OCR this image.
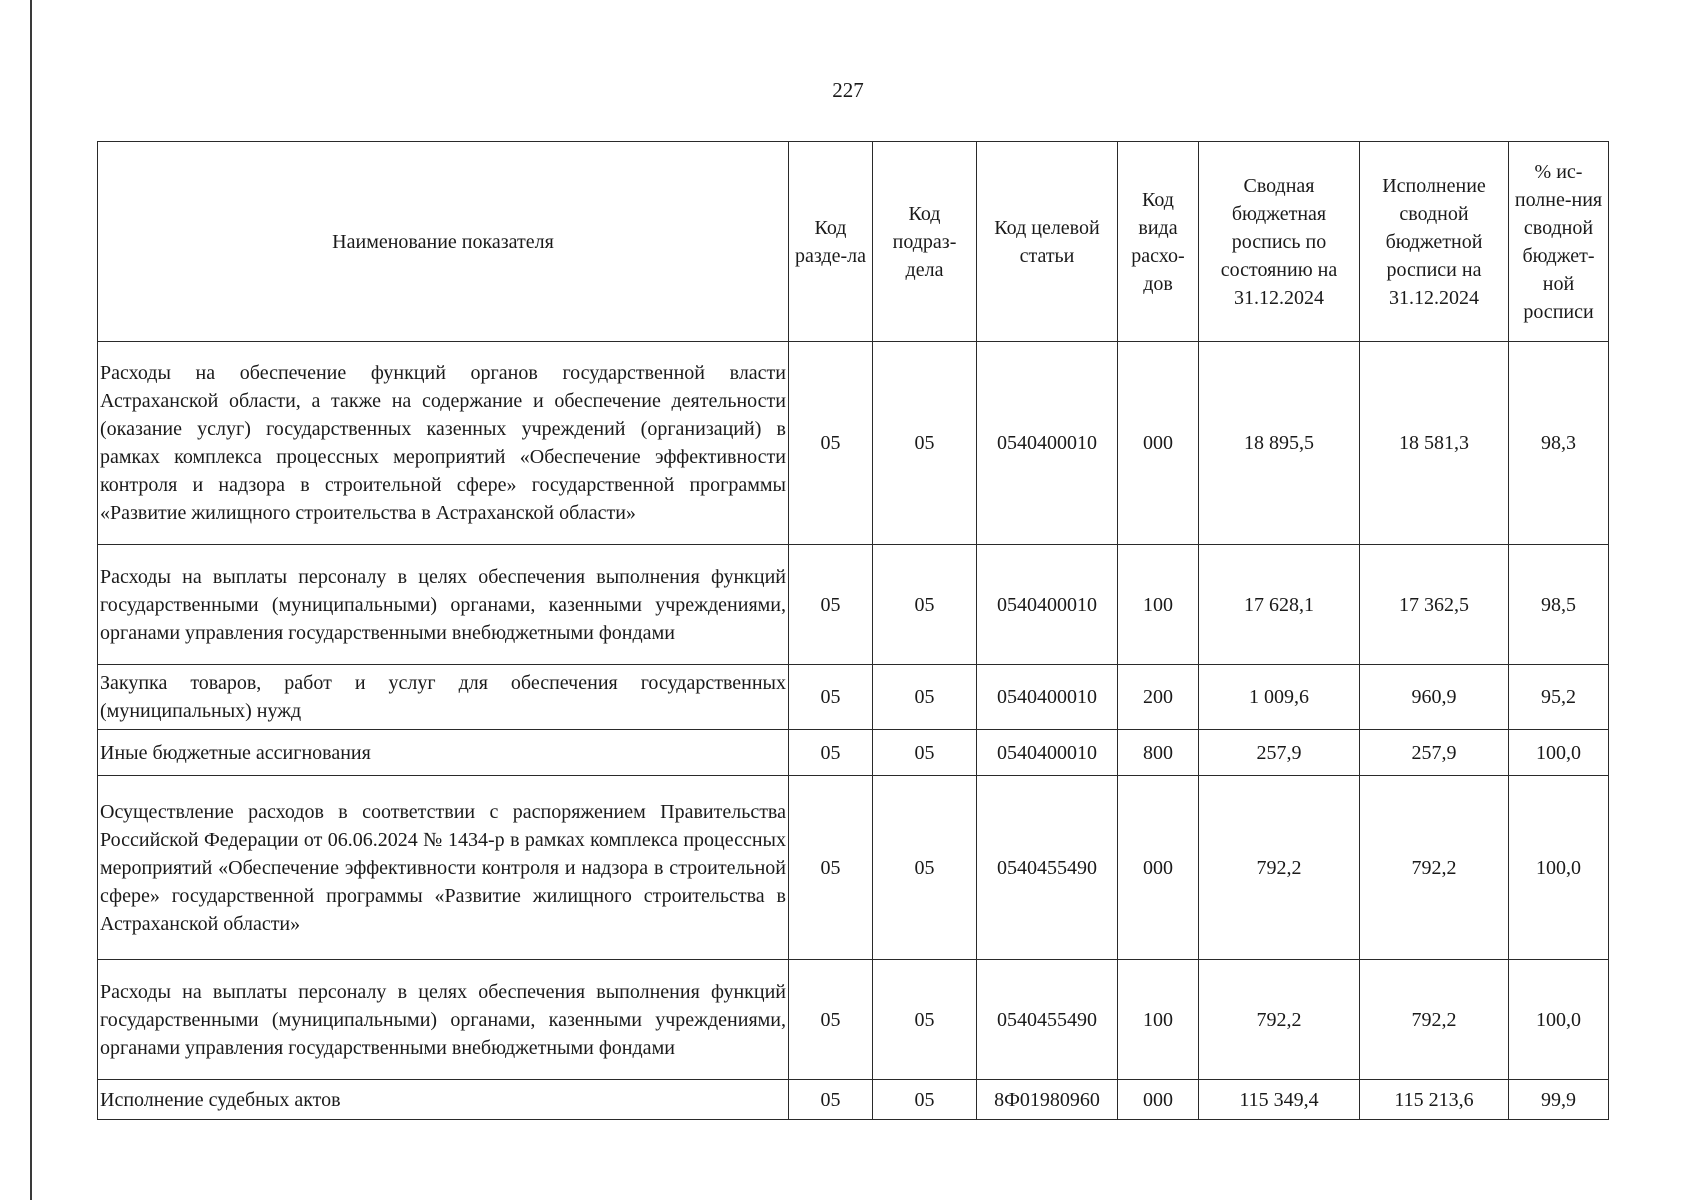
227
Наименование показателя	Код разде-ла	Код подраз-дела	Код целевой статьи	Код вида расхо-дов	Сводная бюджетная роспись по состоянию на 31.12.2024	Исполнение сводной бюджетной росписи на 31.12.2024	% ис-полне-ния сводной бюджет-ной росписи
Расходы на обеспечение функций органов государственной власти Астраханской области, а также на содержание и обеспечение деятельности (оказание услуг) государственных казенных учреждений (организаций) в рамках комплекса процессных мероприятий «Обеспечение эффективности контроля и надзора в строительной сфере» государственной программы «Развитие жилищного строительства в Астраханской области»	05	05	0540400010	000	18 895,5	18 581,3	98,3
Расходы на выплаты персоналу в целях обеспечения выполнения функций государственными (муниципальными) органами, казенными учреждениями, органами управления государственными внебюджетными фондами	05	05	0540400010	100	17 628,1	17 362,5	98,5
Закупка товаров, работ и услуг для обеспечения государственных (муниципальных) нужд	05	05	0540400010	200	1 009,6	960,9	95,2
Иные бюджетные ассигнования	05	05	0540400010	800	257,9	257,9	100,0
Осуществление расходов в соответствии с распоряжением Правительства Российской Федерации от 06.06.2024 № 1434-р в рамках комплекса процессных мероприятий «Обеспечение эффективности контроля и надзора в строительной сфере» государственной программы «Развитие жилищного строительства в Астраханской области»	05	05	0540455490	000	792,2	792,2	100,0
Расходы на выплаты персоналу в целях обеспечения выполнения функций государственными (муниципальными) органами, казенными учреждениями, органами управления государственными внебюджетными фондами	05	05	0540455490	100	792,2	792,2	100,0
Исполнение судебных актов	05	05	8Ф01980960	000	115 349,4	115 213,6	99,9
